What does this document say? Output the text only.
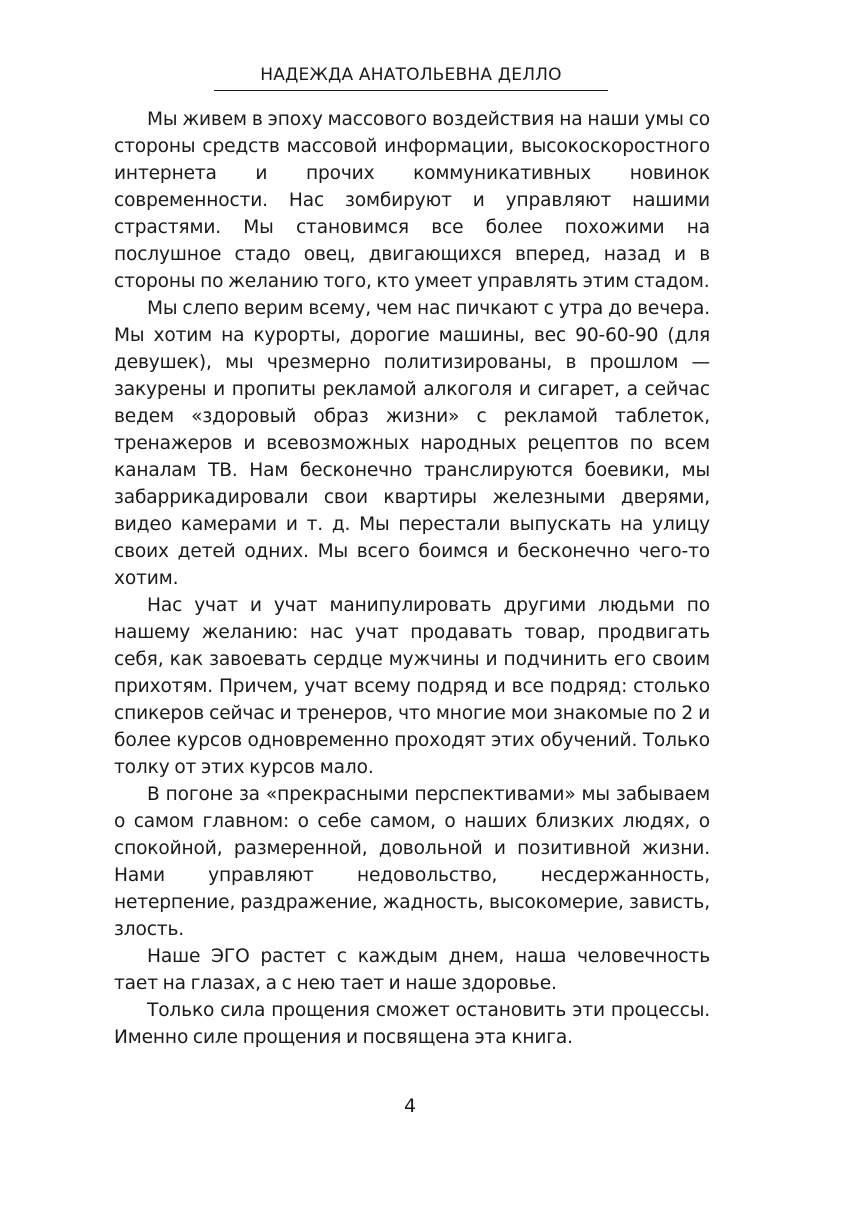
НАДЕЖДА АНАТОЛЬЕВНА ДЕЛЛО

Мы живем в эпоху массового воздействия на наши умы со стороны средств массовой информации, высокоскоростного интернета и прочих коммуникативных новинок современности. Нас зомбируют и управляют нашими страстями. Мы становимся все более похожими на послушное стадо овец, двигающихся вперед, назад и в стороны по желанию того, кто умеет управлять этим стадом.

Мы слепо верим всему, чем нас пичкают с утра до вечера. Мы хотим на курорты, дорогие машины, вес 90-60-90 (для девушек), мы чрезмерно политизированы, в прошлом — закурены и пропиты рекламой алкоголя и сигарет, а сейчас ведем «здоровый образ жизни» с рекламой таблеток, тренажеров и всевозможных народных рецептов по всем каналам ТВ. Нам бесконечно транслируются боевики, мы забаррикадировали свои квартиры железными дверями, видео камерами и т. д. Мы перестали выпускать на улицу своих детей одних. Мы всего боимся и бесконечно чего-то хотим.

Нас учат и учат манипулировать другими людьми по нашему желанию: нас учат продавать товар, продвигать себя, как завоевать сердце мужчины и подчинить его своим прихотям. Причем, учат всему подряд и все подряд: столько спикеров сейчас и тренеров, что многие мои знакомые по 2 и более курсов одновременно проходят этих обучений. Только толку от этих курсов мало.

В погоне за «прекрасными перспективами» мы забываем о самом главном: о себе самом, о наших близких людях, о спокойной, размеренной, довольной и позитивной жизни. Нами управляют недовольство, несдержанность, нетерпение, раздражение, жадность, высокомерие, зависть, злость.

Наше ЭГО растет с каждым днем, наша человечность тает на глазах, а с нею тает и наше здоровье.

Только сила прощения сможет остановить эти процессы. Именно силе прощения и посвящена эта книга.

4
